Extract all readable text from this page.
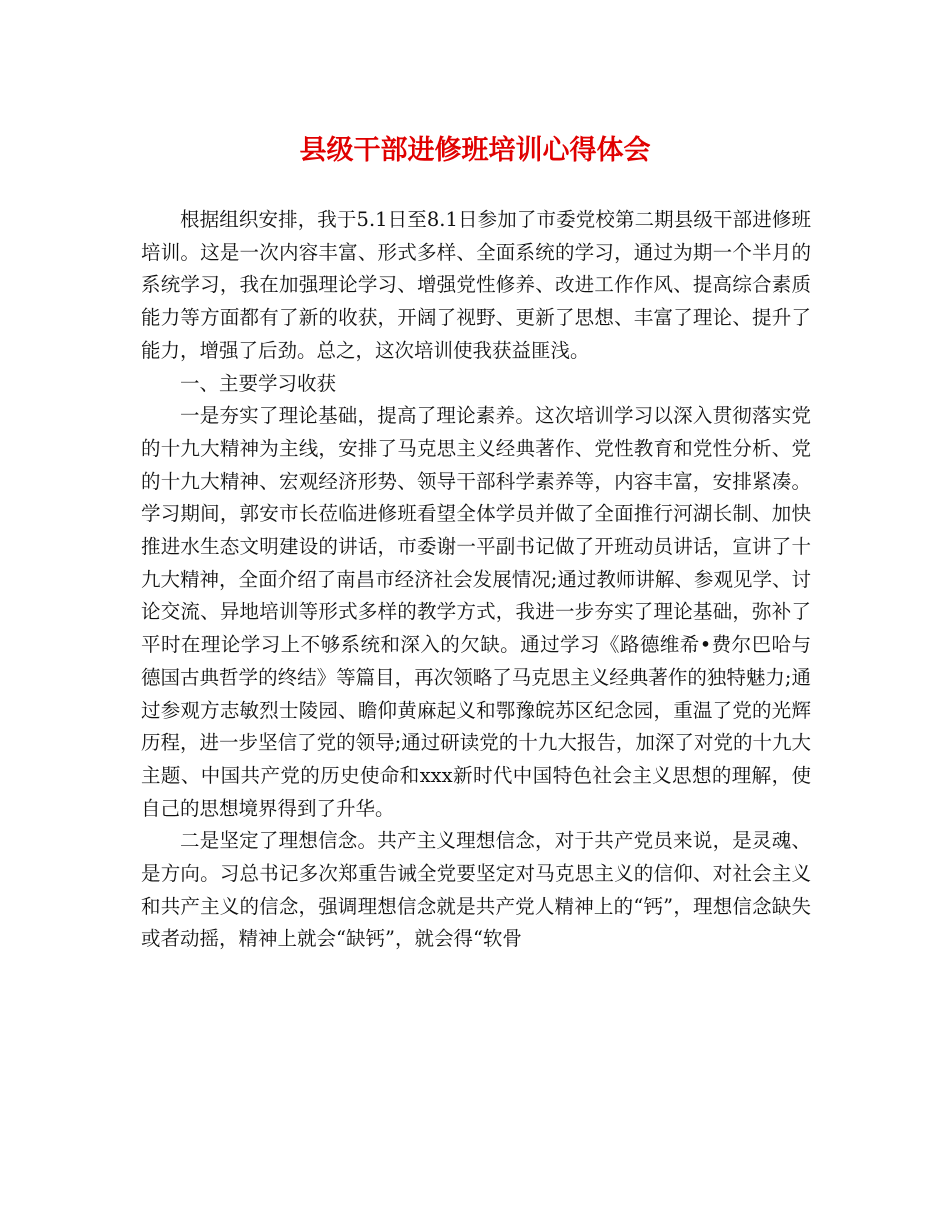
县级干部进修班培训心得体会

根据组织安排，我于5.1日至8.1日参加了市委党校第二期县级干部进修班培训。这是一次内容丰富、形式多样、全面系统的学习，通过为期一个半月的系统学习，我在加强理论学习、增强党性修养、改进工作作风、提高综合素质能力等方面都有了新的收获，开阔了视野、更新了思想、丰富了理论、提升了能力，增强了后劲。总之，这次培训使我获益匪浅。

一、主要学习收获

一是夯实了理论基础，提高了理论素养。这次培训学习以深入贯彻落实党的十九大精神为主线，安排了马克思主义经典著作、党性教育和党性分析、党的十九大精神、宏观经济形势、领导干部科学素养等，内容丰富，安排紧凑。学习期间，郭安市长莅临进修班看望全体学员并做了全面推行河湖长制、加快推进水生态文明建设的讲话，市委谢一平副书记做了开班动员讲话，宣讲了十九大精神，全面介绍了南昌市经济社会发展情况;通过教师讲解、参观见学、讨论交流、异地培训等形式多样的教学方式，我进一步夯实了理论基础，弥补了平时在理论学习上不够系统和深入的欠缺。通过学习《路德维希•费尔巴哈与德国古典哲学的终结》等篇目，再次领略了马克思主义经典著作的独特魅力;通过参观方志敏烈士陵园、瞻仰黄麻起义和鄂豫皖苏区纪念园，重温了党的光辉历程，进一步坚信了党的领导;通过研读党的十九大报告，加深了对党的十九大主题、中国共产党的历史使命和xxx新时代中国特色社会主义思想的理解，使自己的思想境界得到了升华。

二是坚定了理想信念。共产主义理想信念，对于共产党员来说，是灵魂、是方向。习总书记多次郑重告诫全党要坚定对马克思主义的信仰、对社会主义和共产主义的信念，强调理想信念就是共产党人精神上的“钙”，理想信念缺失或者动摇，精神上就会“缺钙”，就会得“软骨
